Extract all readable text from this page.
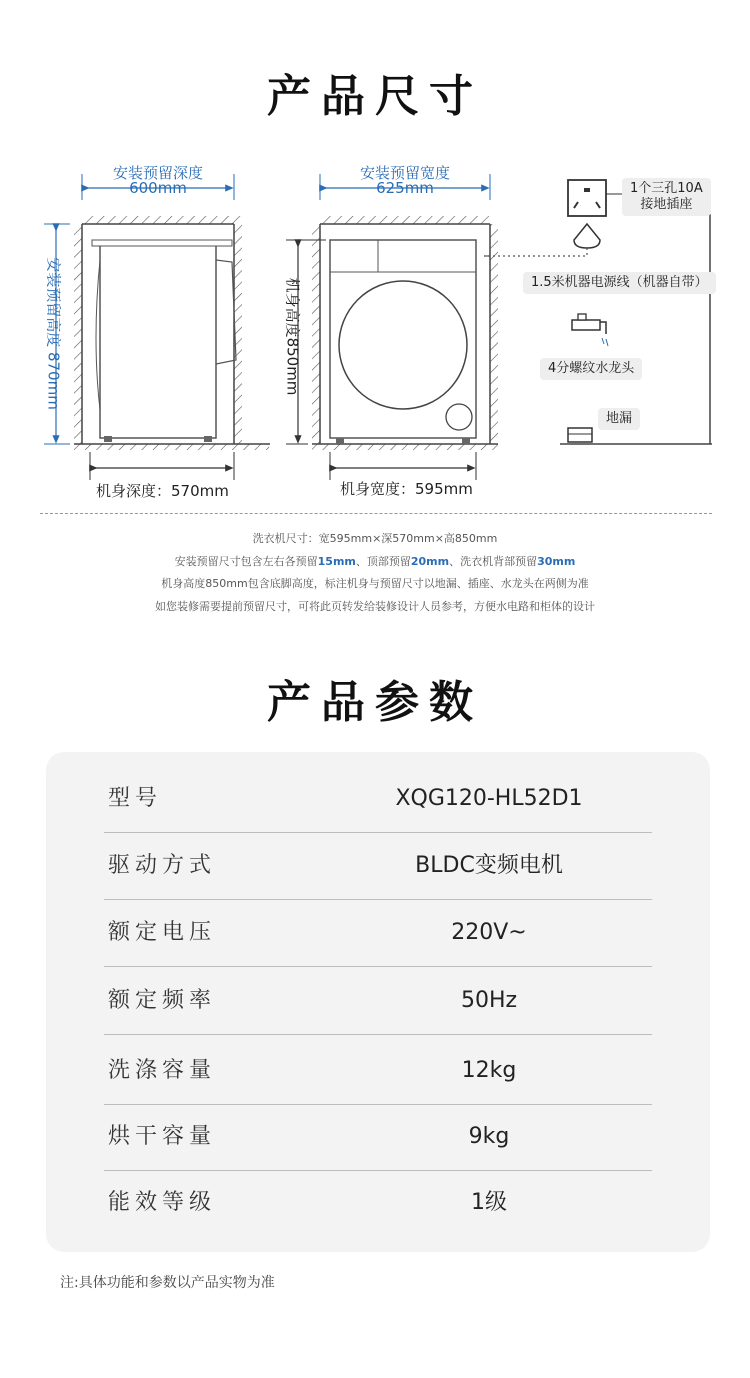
产品尺寸
安装预留深度
600mm
安装预留宽度
625mm
安装预留高度 870mm	机身高度850mm
机身深度：570mm	机身宽度：595mm
1个三孔10A
接地插座
1.5米机器电源线（机器自带）
4分螺纹水龙头
地漏
洗衣机尺寸：宽595mm×深570mm×高850mm
安装预留尺寸包含左右各预留15mm、顶部预留20mm、洗衣机背部预留30mm
机身高度850mm包含底脚高度，标注机身与预留尺寸以地漏、插座、水龙头在两侧为准
如您装修需要提前预留尺寸，可将此页转发给装修设计人员参考，方便水电路和柜体的设计
产品参数
型号	XQG120-HL52D1
驱动方式	BLDC变频电机
额定电压	220V~
额定频率	50Hz
洗涤容量	12kg
烘干容量	9kg
能效等级	1级
注:具体功能和参数以产品实物为准
